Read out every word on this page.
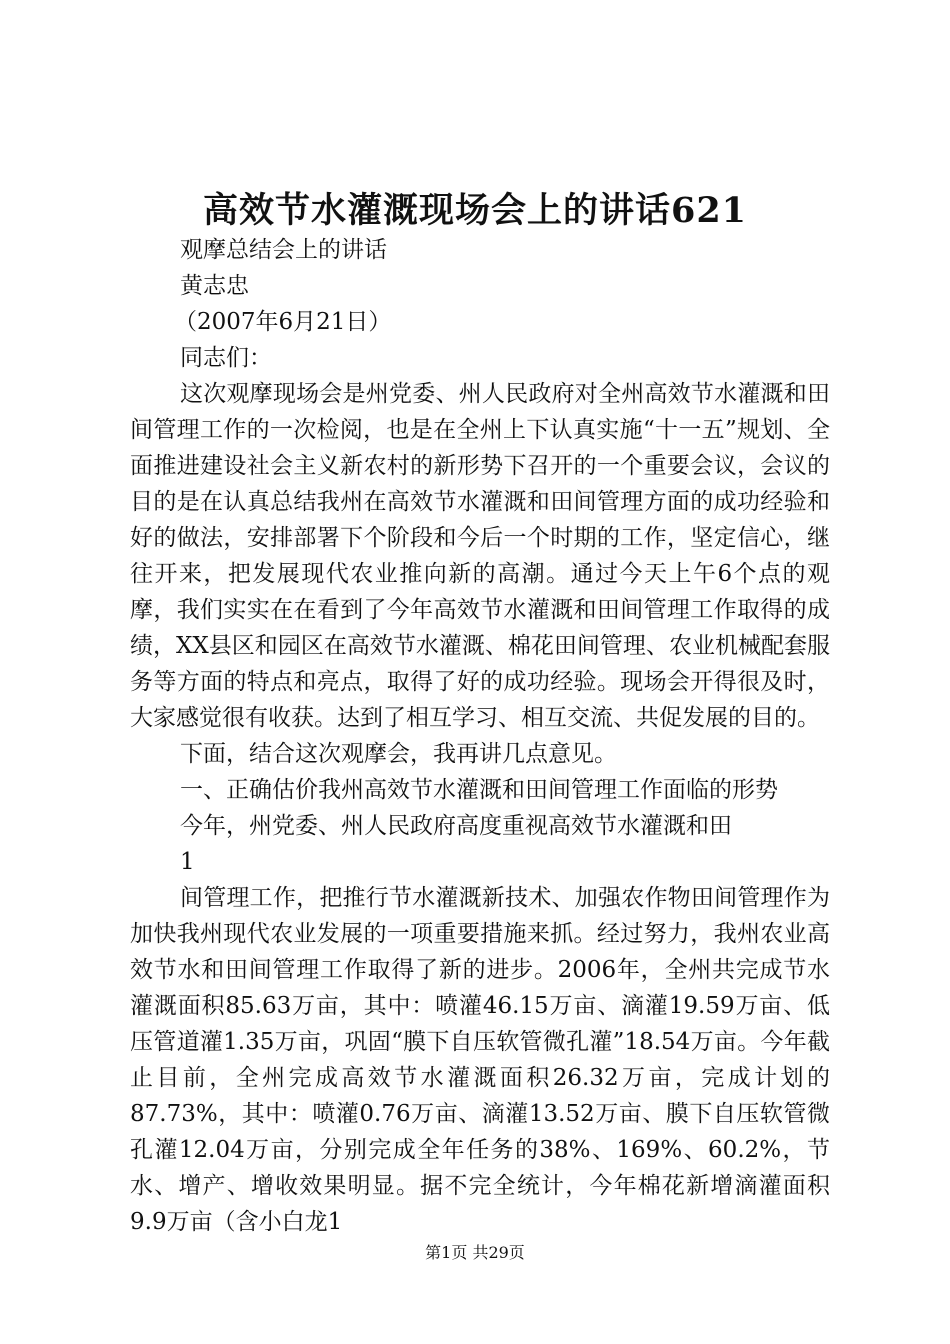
高效节水灌溉现场会上的讲话621

观摩总结会上的讲话

黄志忠

（2007年6月21日）

同志们：

这次观摩现场会是州党委、州人民政府对全州高效节水灌溉和田间管理工作的一次检阅，也是在全州上下认真实施“十一五”规划、全面推进建设社会主义新农村的新形势下召开的一个重要会议，会议的目的是在认真总结我州在高效节水灌溉和田间管理方面的成功经验和好的做法，安排部署下个阶段和今后一个时期的工作，坚定信心，继往开来，把发展现代农业推向新的高潮。通过今天上午6个点的观摩，我们实实在在看到了今年高效节水灌溉和田间管理工作取得的成绩，XX县区和园区在高效节水灌溉、棉花田间管理、农业机械配套服务等方面的特点和亮点，取得了好的成功经验。现场会开得很及时，大家感觉很有收获。达到了相互学习、相互交流、共促发展的目的。

下面，结合这次观摩会，我再讲几点意见。

一、正确估价我州高效节水灌溉和田间管理工作面临的形势

今年，州党委、州人民政府高度重视高效节水灌溉和田

1

间管理工作，把推行节水灌溉新技术、加强农作物田间管理作为加快我州现代农业发展的一项重要措施来抓。经过努力，我州农业高效节水和田间管理工作取得了新的进步。2006年，全州共完成节水灌溉面积85.63万亩，其中：喷灌46.15万亩、滴灌19.59万亩、低压管道灌1.35万亩，巩固“膜下自压软管微孔灌”18.54万亩。今年截止目前，全州完成高效节水灌溉面积26.32万亩，完成计划的87.73%，其中：喷灌0.76万亩、滴灌13.52万亩、膜下自压软管微孔灌12.04万亩，分别完成全年任务的38%、169%、60.2%，节水、增产、增收效果明显。据不完全统计，今年棉花新增滴灌面积9.9万亩（含小白龙1

第1页 共29页
